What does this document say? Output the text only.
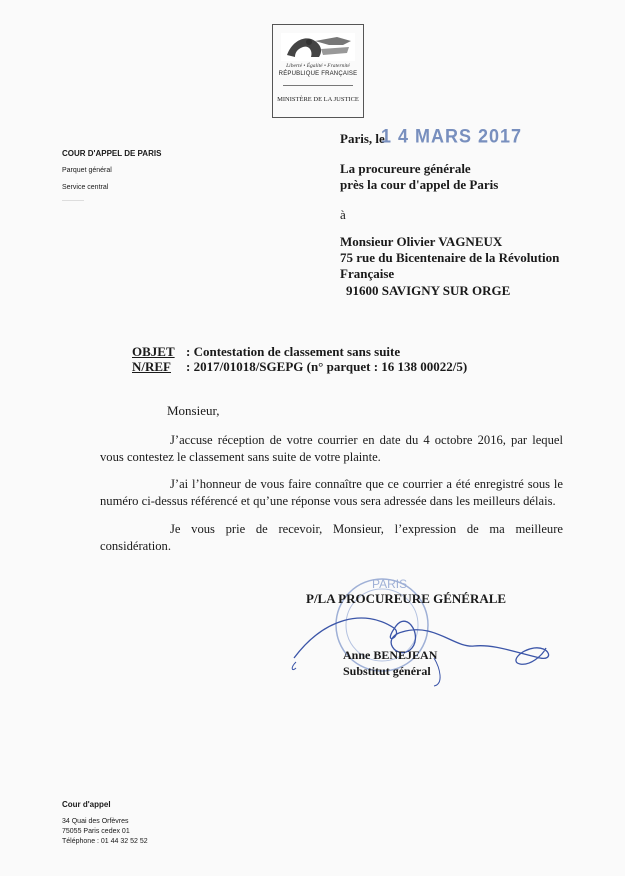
Liberté • Égalité • Fraternité
RÉPUBLIQUE FRANÇAISE
MINISTÈRE DE LA JUSTICE
COUR D'APPEL DE PARIS
Parquet général
Service central
Paris, le
1 4 MARS 2017
La procureure générale
près la cour d'appel de Paris
à
Monsieur Olivier VAGNEUX
75 rue du Bicentenaire de la Révolution
Française
91600 SAVIGNY SUR ORGE
OBJET : Contestation de classement sans suite
N/REF : 2017/01018/SGEPG (n° parquet : 16 138 00022/5)
Monsieur,
J’accuse réception de votre courrier en date du 4 octobre 2016, par lequel vous contestez le classement sans suite de votre plainte.
J’ai l’honneur de vous faire connaître que ce courrier a été enregistré sous le numéro ci-dessus référencé et qu’une réponse vous sera adressée dans les meilleurs délais.
Je vous prie de recevoir, Monsieur, l’expression de ma meilleure considération.
PARIS
P/LA PROCUREURE GÉNÉRALE
Anne BENEJEAN
Substitut général
Cour d'appel
34 Quai des Orfèvres
75055 Paris cedex 01
Téléphone : 01 44 32 52 52
